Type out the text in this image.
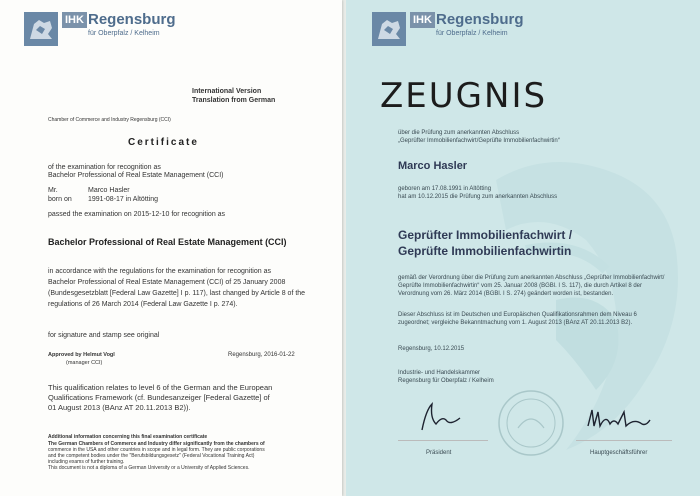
IHK Regensburg
für Oberpfalz / Kelheim
International Version
Translation from German
Chamber of Commerce and Industry Regensburg (CCI)
Certificate
of the examination for recognition as
Bachelor Professional of Real Estate Management (CCI)
Mr.	Marco Hasler
born on 1991-08-17 in Altötting
passed the examination on 2015-12-10 for recognition as
Bachelor Professional of Real Estate Management (CCI)
in accordance with the regulations for the examination for recognition as
Bachelor Professional of Real Estate Management (CCI) of 25 January 2008
(Bundesgesetzblatt [Federal Law Gazette] I p. 117), last changed by Article 8 of the
regulations of 26 March 2014 (Federal Law Gazette I p. 274).
for signature and stamp see original
Approved by Helmut Vogl
(manager CCI)
Regensburg, 2016-01-22
This qualification relates to level 6 of the German and the European
Qualifications Framework (cf. Bundesanzeiger [Federal Gazette] of
01 August 2013 (BAnz AT 20.11.2013 B2)).
Additional information concerning this final examination certificate
The German Chambers of Commerce and Industry differ significantly from the chambers of
commerce in the USA and other countries in scope and in legal form. They are public corporations
and the competent bodies under the "Berufsbildungsgesetz" (Federal Vocational Training Act)
including exams of further training.
This document is not a diploma of a German University or a University of Applied Sciences.
IHK Regensburg
für Oberpfalz / Kelheim
ZEUGNIS
über die Prüfung zum anerkannten Abschluss
„Geprüfter Immobilienfachwirt/Geprüfte Immobilienfachwirtin“
Marco Hasler
geboren am 17.08.1991 in Altötting
hat am 10.12.2015 die Prüfung zum anerkannten Abschluss
Geprüfter Immobilienfachwirt /
Geprüfte Immobilienfachwirtin
gemäß der Verordnung über die Prüfung zum anerkannten Abschluss „Geprüfter Immobilienfachwirt/
Geprüfte Immobilienfachwirtin“ vom 25. Januar 2008 (BGBl. I S. 117), die durch Artikel 8 der
Verordnung vom 26. März 2014 (BGBl. I S. 274) geändert worden ist, bestanden.
Dieser Abschluss ist im Deutschen und Europäischen Qualifikationsrahmen dem Niveau 6
zugeordnet; vergleiche Bekanntmachung vom 1. August 2013 (BAnz AT 20.11.2013 B2).
Regensburg, 10.12.2015
Industrie- und Handelskammer
Regensburg für Oberpfalz / Kelheim
Präsident	Hauptgeschäftsführer
